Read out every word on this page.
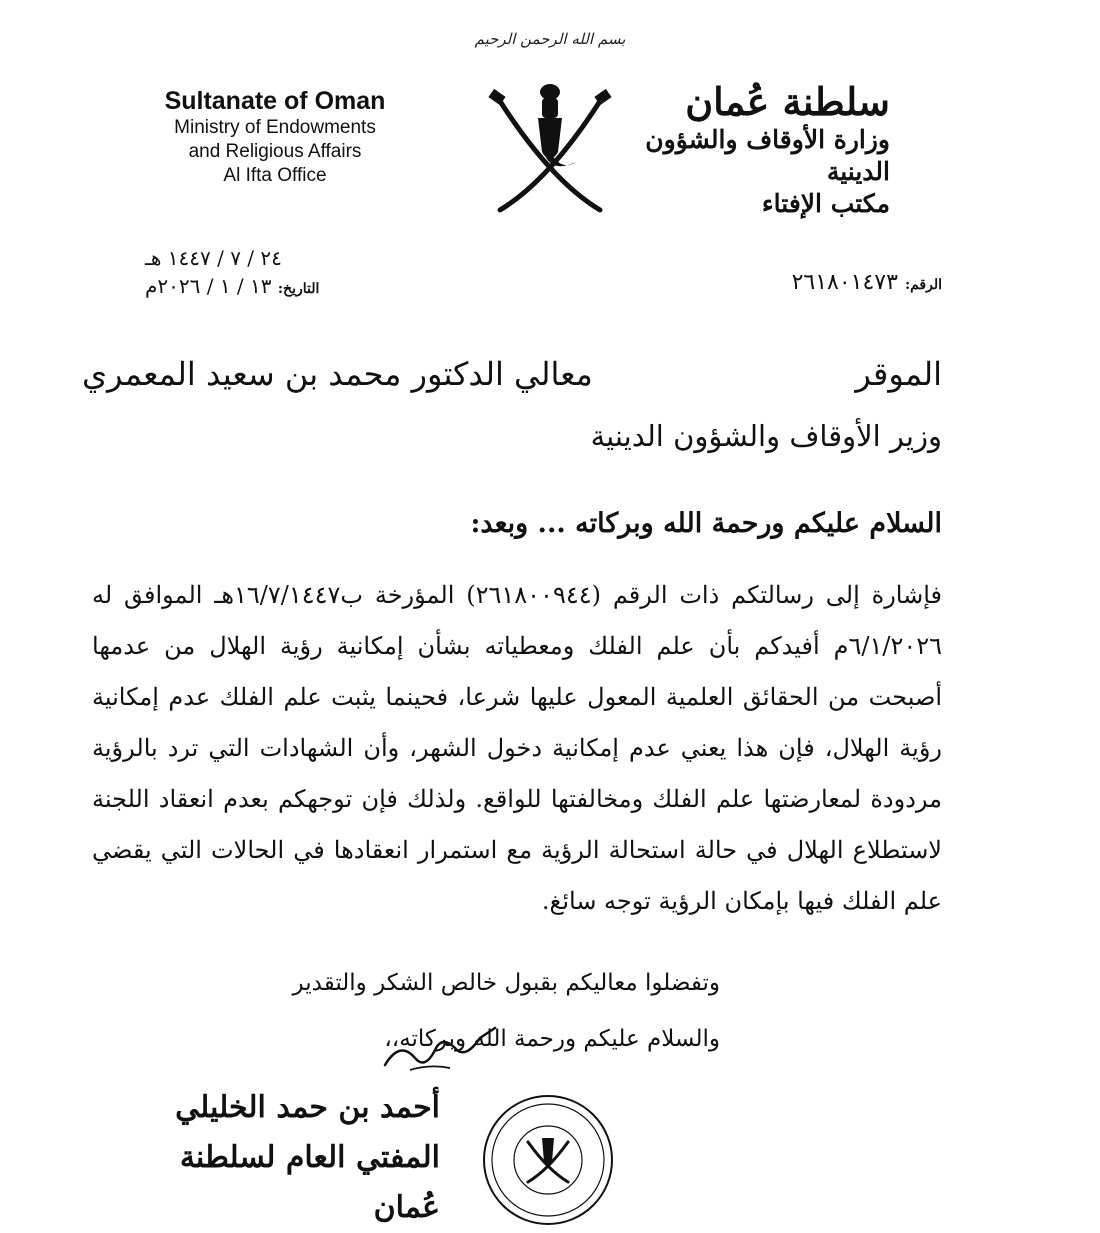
بسم الله الرحمن الرحيم
Sultanate of Oman
Ministry of Endowments
and Religious Affairs
Al Ifta Office
سلطنة عُمان
وزارة الأوقاف والشؤون الدينية
مكتب الإفتاء
٢٤ / ٧ / ١٤٤٧ هـ
التاريخ: ١٣ / ١ / ٢٠٢٦م	الرقم: ٢٦١٨٠١٤٧٣
معالي الدكتور محمد بن سعيد المعمري	الموقر
وزير الأوقاف والشؤون الدينية
السلام عليكم ورحمة الله وبركاته ... وبعد:
فإشارة إلى رسالتكم ذات الرقم (٢٦١٨٠٠٩٤٤) المؤرخة ب١٦/٧/١٤٤٧هـ الموافق له ٦/١/٢٠٢٦م أفيدكم بأن علم الفلك ومعطياته بشأن إمكانية رؤية الهلال من عدمها أصبحت من الحقائق العلمية المعول عليها شرعا، فحينما يثبت علم الفلك عدم إمكانية رؤية الهلال، فإن هذا يعني عدم إمكانية دخول الشهر، وأن الشهادات التي ترد بالرؤية مردودة لمعارضتها علم الفلك ومخالفتها للواقع. ولذلك فإن توجهكم بعدم انعقاد اللجنة لاستطلاع الهلال في حالة استحالة الرؤية مع استمرار انعقادها في الحالات التي يقضي علم الفلك فيها بإمكان الرؤية توجه سائغ.
وتفضلوا معاليكم بقبول خالص الشكر والتقدير
والسلام عليكم ورحمة الله وبركاته،،
أحمد بن حمد الخليلي
المفتي العام لسلطنة عُمان
